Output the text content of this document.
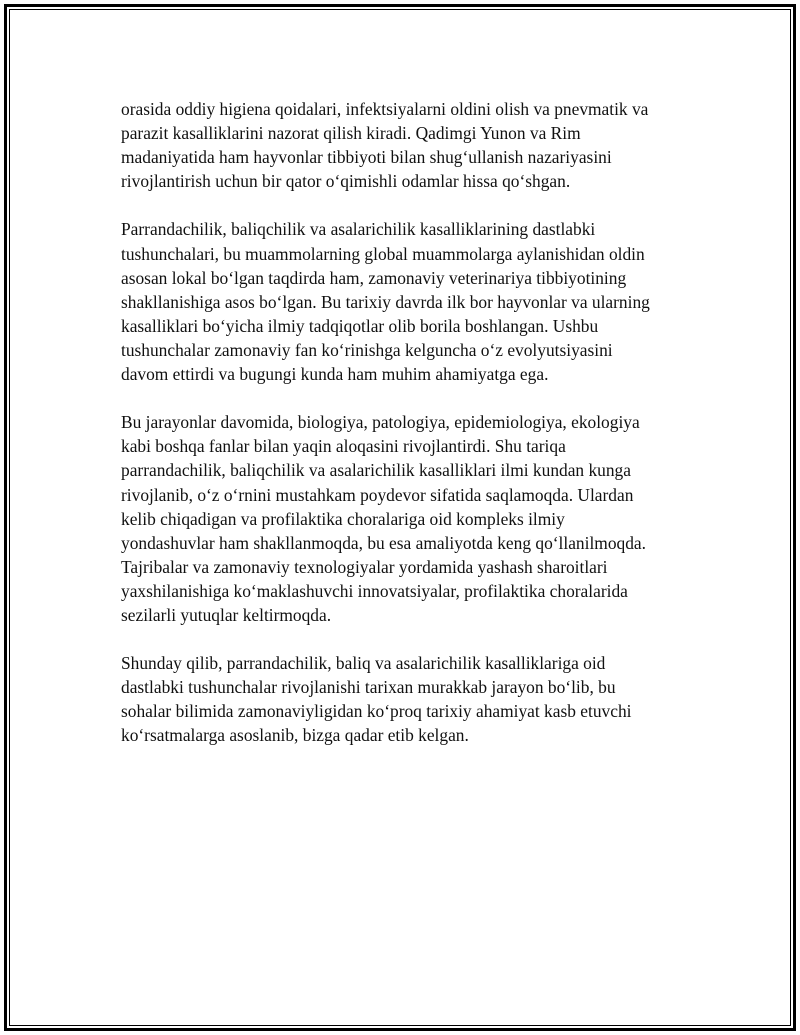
orasida oddiy higiena qoidalari, infektsiyalarni oldini olish va pnevmatik va
parazit kasalliklarini nazorat qilish kiradi. Qadimgi Yunon va Rim
madaniyatida ham hayvonlar tibbiyoti bilan shug‘ullanish nazariyasini
rivojlantirish uchun bir qator o‘qimishli odamlar hissa qo‘shgan.

Parrandachilik, baliqchilik va asalarichilik kasalliklarining dastlabki
tushunchalari, bu muammolarning global muammolarga aylanishidan oldin
asosan lokal bo‘lgan taqdirda ham, zamonaviy veterinariya tibbiyotining
shakllanishiga asos bo‘lgan. Bu tarixiy davrda ilk bor hayvonlar va ularning
kasalliklari bo‘yicha ilmiy tadqiqotlar olib borila boshlangan. Ushbu
tushunchalar zamonaviy fan ko‘rinishga kelguncha o‘z evolyutsiyasini
davom ettirdi va bugungi kunda ham muhim ahamiyatga ega.

Bu jarayonlar davomida, biologiya, patologiya, epidemiologiya, ekologiya
kabi boshqa fanlar bilan yaqin aloqasini rivojlantirdi. Shu tariqa
parrandachilik, baliqchilik va asalarichilik kasalliklari ilmi kundan kunga
rivojlanib, o‘z o‘rnini mustahkam poydevor sifatida saqlamoqda. Ulardan
kelib chiqadigan va profilaktika choralariga oid kompleks ilmiy
yondashuvlar ham shakllanmoqda, bu esa amaliyotda keng qo‘llanilmoqda.
Tajribalar va zamonaviy texnologiyalar yordamida yashash sharoitlari
yaxshilanishiga ko‘maklashuvchi innovatsiyalar, profilaktika choralarida
sezilarli yutuqlar keltirmoqda.

Shunday qilib, parrandachilik, baliq va asalarichilik kasalliklariga oid
dastlabki tushunchalar rivojlanishi tarixan murakkab jarayon bo‘lib, bu
sohalar bilimida zamonaviyligidan ko‘proq tarixiy ahamiyat kasb etuvchi
ko‘rsatmalarga asoslanib, bizga qadar etib kelgan.
